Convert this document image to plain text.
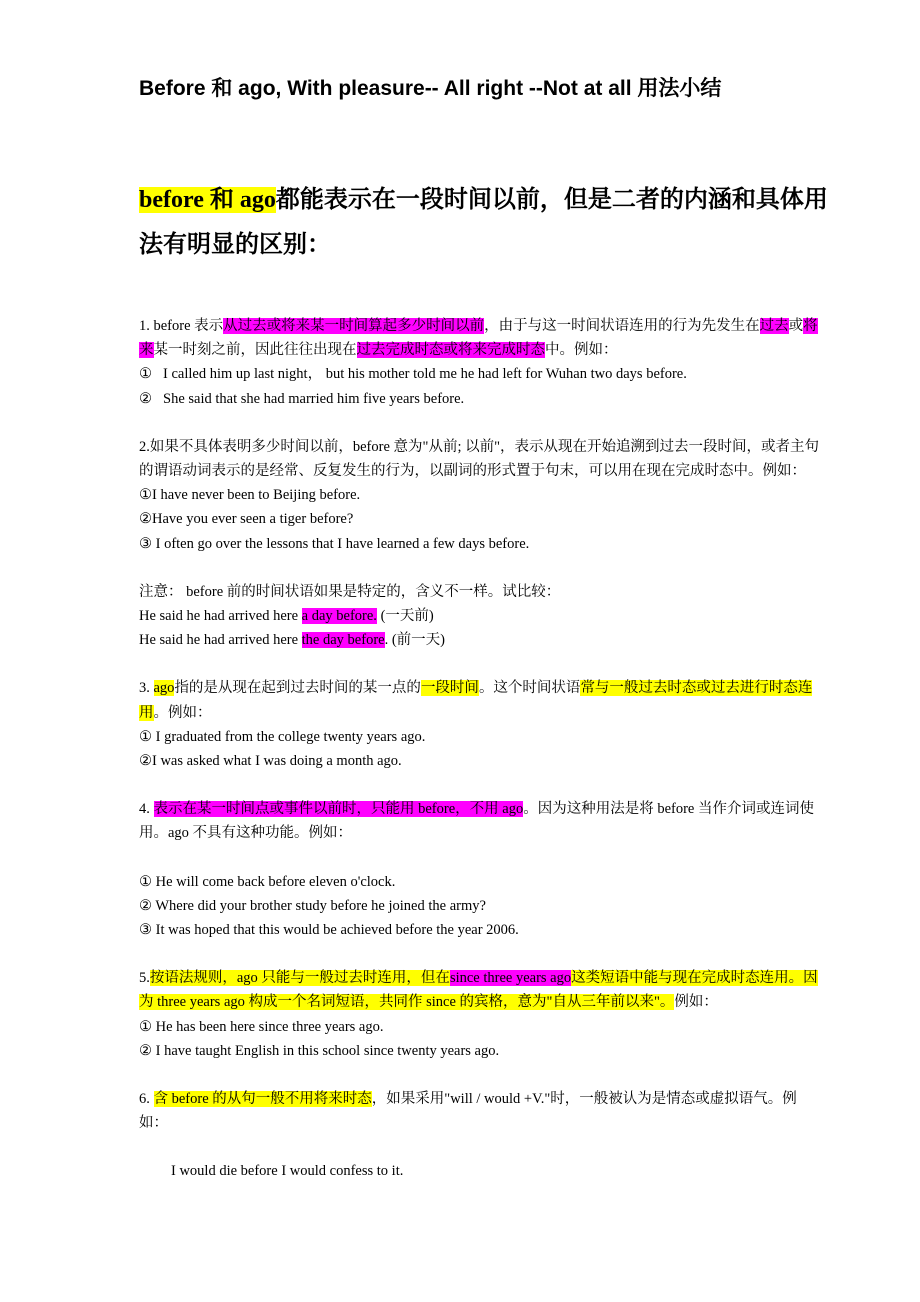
Before 和 ago, With pleasure-- All right --Not at all 用法小结
before 和 ago都能表示在一段时间以前，但是二者的内涵和具体用法有明显的区别：

1. before 表示从过去或将来某一时间算起多少时间以前，由于与这一时间状语连用的行为先发生在过去或将来某一时刻之前，因此往往出现在过去完成时态或将来完成时态中。例如：

① I called him up last night， but his mother told me he had left for Wuhan two days before.

② She said that she had married him five years before.

2.如果不具体表明多少时间以前，before 意为"从前; 以前"，表示从现在开始追溯到过去一段时间，或者主句的谓语动词表示的是经常、反复发生的行为，以副词的形式置于句末，可以用在现在完成时态中。例如：

①I have never been to Beijing before.

②Have you ever seen a tiger before?

③ I often go over the lessons that I have learned a few days before.

注意： before 前的时间状语如果是特定的，含义不一样。试比较：

He said he had arrived here a day before. (一天前)

He said he had arrived here the day before. (前一天)

3. ago指的是从现在起到过去时间的某一点的一段时间。这个时间状语常与一般过去时态或过去进行时态连用。例如：

① I graduated from the college twenty years ago.

②I was asked what I was doing a month ago.

4. 表示在某一时间点或事件以前时，只能用 before，不用 ago。因为这种用法是将 before 当作介词或连词使用。ago 不具有这种功能。例如：

① He will come back before eleven o'clock.

② Where did your brother study before he joined the army?

③ It was hoped that this would be achieved before the year 2006.

5.按语法规则，ago 只能与一般过去时连用，但在since three years ago这类短语中能与现在完成时态连用。因为 three years ago 构成一个名词短语，共同作 since 的宾格，意为"自从三年前以来"。例如：

① He has been here since three years ago.

② I have taught English in this school since twenty years ago.

6. 含 before 的从句一般不用将来时态，如果采用"will / would +V."时，一般被认为是情态或虚拟语气。例如：

I would die before I would confess to it.
